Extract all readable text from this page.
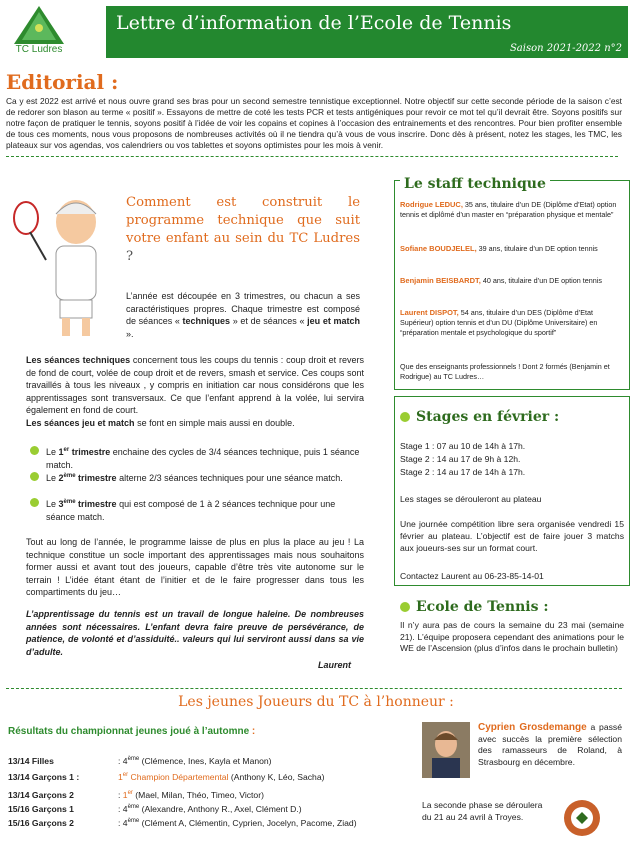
TC Ludres
Lettre d’information de l’Ecole de Tennis
Saison 2021-2022 n°2
Editorial :
Ca y est 2022 est arrivé et nous ouvre grand ses bras pour un second semestre tennistique exceptionnel. Notre objectif sur cette seconde période de la saison c’est de redorer son blason au terme « positif ». Essayons de mettre de coté les tests PCR et tests antigéniques pour revoir ce mot tel qu’il devrait être. Soyons positifs sur notre façon de pratiquer le tennis, soyons positif à l’idée de voir les copains et copines à l’occasion des entrainements et des rencontres. Pour bien profiter ensemble de tous ces moments, nous vous proposons de nombreuses activités où il ne tiendra qu’à vous de vous inscrire. Donc dès à présent, notez les stages, les TMC, les plateaux sur vos agendas, vos calendriers ou vos tablettes et soyons optimistes pour les mois à venir.
Comment est construit le programme technique que suit votre enfant au sein du TC Ludres ?
L’année est découpée en 3 trimestres, ou chacun a ses caractéristiques propres. Chaque trimestre est composé de séances « techniques » et de séances « jeu et match ».
Les séances techniques concernent tous les coups du tennis : coup droit et revers de fond de court, volée de coup droit et de revers, smash et service. Ces coups sont travaillés à tous les niveaux , y compris en initiation car nous considérons que les apprentissages sont transversaux. Ce que l’enfant apprend à la volée, lui servira également en fond de court.
Les séances jeu et match se font en simple mais aussi en double.
Le 1er trimestre enchaine des cycles de 3/4 séances technique, puis 1 séance match.
Le 2ème trimestre alterne 2/3 séances techniques pour une séance match.
Le 3ème trimestre qui est composé de 1 à 2 séances technique pour une séance match.
Tout au long de l’année, le programme laisse de plus en plus la place au jeu ! La technique constitue un socle important des apprentissages mais nous souhaitons former aussi et avant tout des joueurs, capable d’être très vite autonome sur le terrain ! L’idée étant étant de l’initier et de le faire progresser dans tous les compartiments du jeu…
L’apprentissage du tennis est un travail de longue haleine. De nombreuses années sont nécessaires. L’enfant devra faire preuve de persévérance, de patience, de volonté et d’assiduité.. valeurs qui lui serviront aussi dans sa vie d’adulte.
Laurent
Le staff technique
Rodrigue LEDUC, 35 ans, titulaire d’un DE (Diplôme d’Etat) option tennis et diplômé d’un master en “préparation physique et mentale”
Sofiane BOUDJELEL, 39 ans, titulaire d’un DE option tennis
Benjamin BEISBARDT, 40 ans, titulaire d’un DE option tennis
Laurent DISPOT, 54 ans, titulaire d’un DES (Diplôme d’Etat Supérieur) option tennis et d’un DU (Diplôme Universitaire) en “préparation mentale et psychologique du sportif”
Que des enseignants professionnels ! Dont 2 formés (Benjamin et Rodrigue) au TC Ludres…
Stages en février :
Stage 1 : 07 au 10 de 14h à 17h.
Stage 2 : 14 au 17 de 9h à 12h.
Stage 2 : 14 au 17 de 14h à 17h.
Les stages se dérouleront au plateau
Une journée compétition libre sera organisée vendredi 15 février au plateau. L’objectif est de faire jouer 3 matchs aux joueurs-ses sur un format court.
Contactez Laurent au 06-23-85-14-01
Ecole de Tennis :
Il n’y aura pas de cours la semaine du 23 mai (semaine 21). L’équipe proposera cependant des animations pour le WE de l’Ascension (plus d’infos dans le prochain bulletin)
Les jeunes Joueurs du TC à l’honneur :
Résultats du championnat jeunes joué à l’automne :
13/14 Filles	: 4ème (Clémence, Ines, Kayla et Manon)
13/14 Garçons 1 :	1er Champion Départemental (Anthony K, Léo, Sacha)
13/14 Garçons 2	: 1er (Mael, Milan, Théo, Timeo, Victor)
15/16 Garçons 1	: 4ème (Alexandre, Anthony R., Axel, Clément D.)
15/16 Garçons 2	: 4ème (Clément A, Clémentin, Cyprien, Jocelyn, Pacome, Ziad)
Cyprien Grosdemange a passé avec succès la première sélection des ramasseurs de Roland, à Strasbourg en décembre.
La seconde phase se déroulera du 21 au 24 avril à Troyes.
